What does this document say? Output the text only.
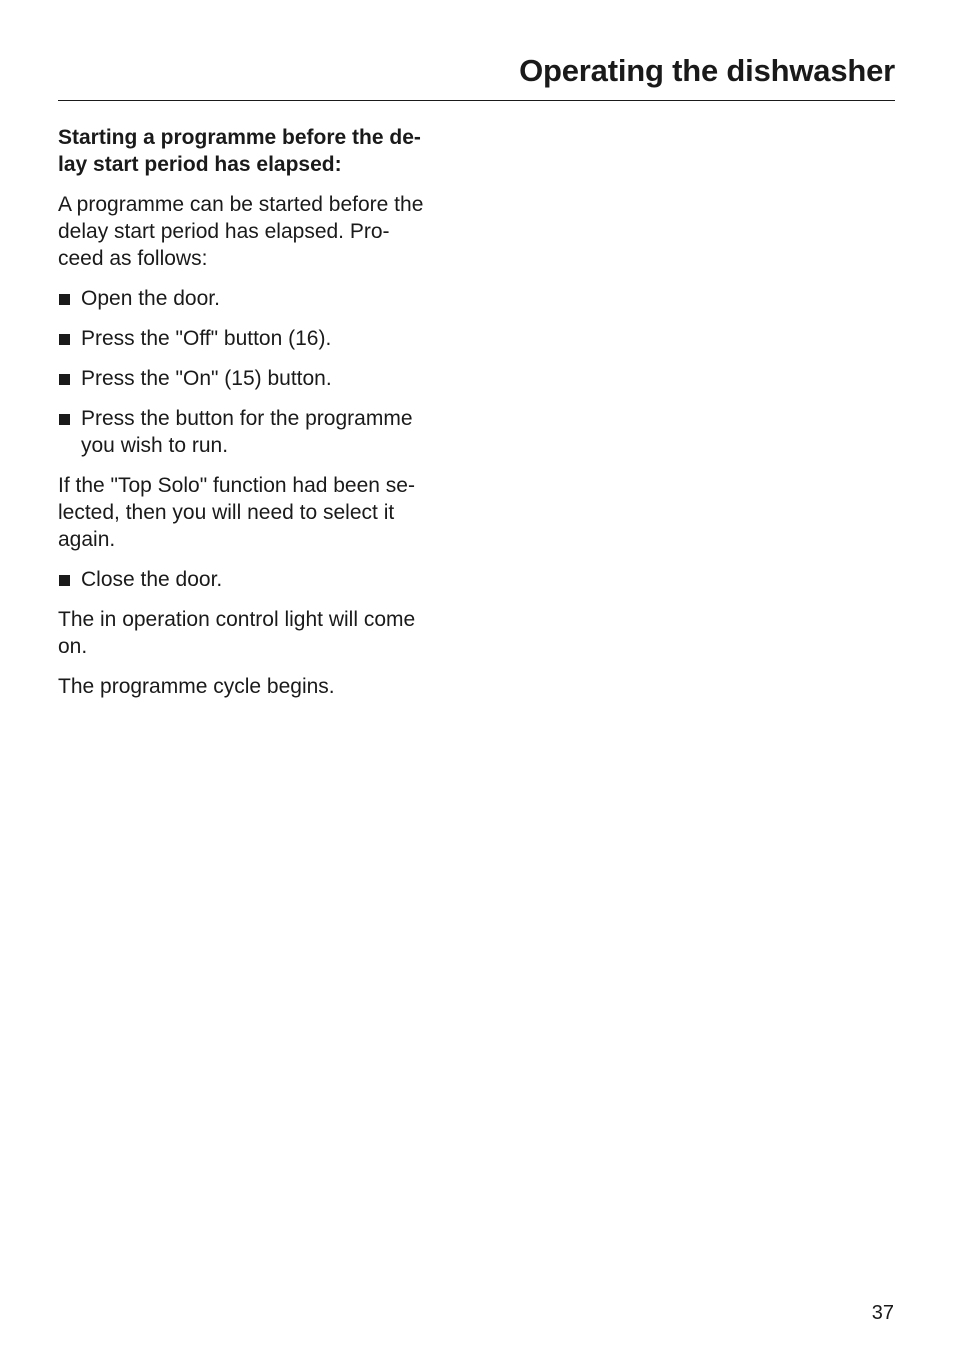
Operating the dishwasher

Starting a programme before the de-
lay start period has elapsed:

A programme can be started before the
delay start period has elapsed. Pro-
ceed as follows:

Open the door.
Press the "Off" button (16).
Press the "On" (15) button.
Press the button for the programme
you wish to run.

If the "Top Solo" function had been se-
lected, then you will need to select it
again.

Close the door.

The in operation control light will come
on.

The programme cycle begins.

37
